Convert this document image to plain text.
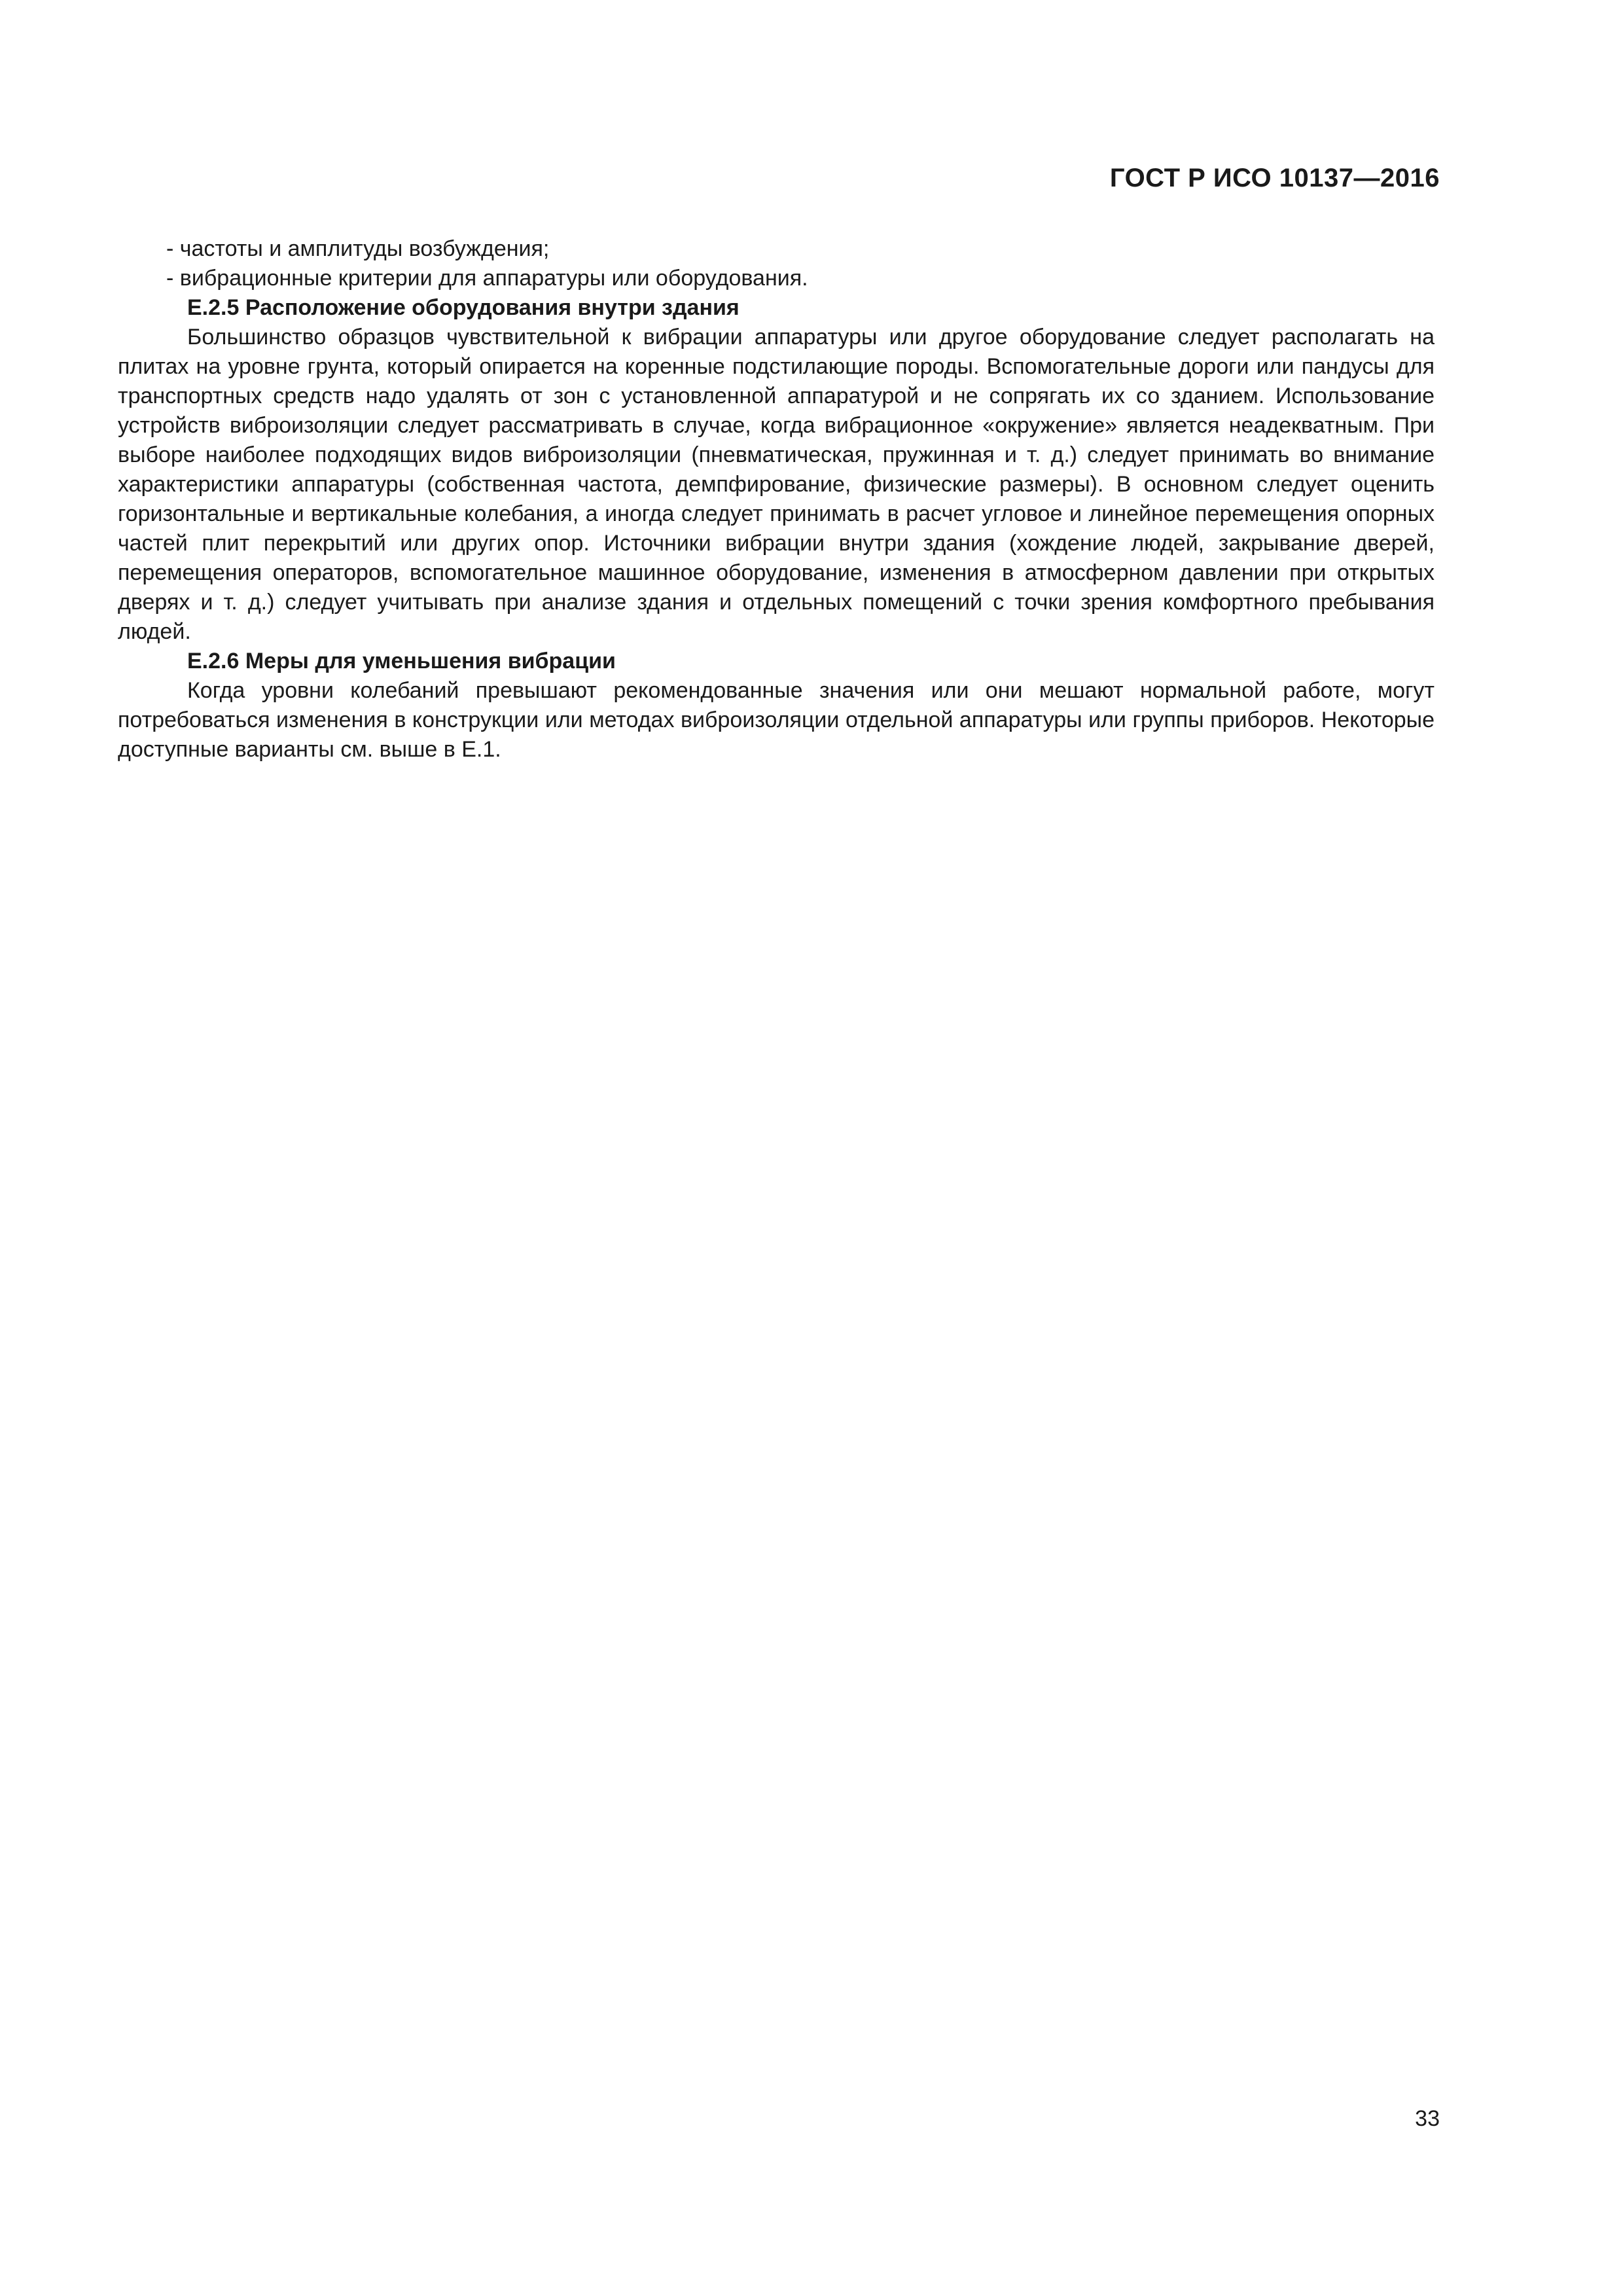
ГОСТ Р ИСО 10137—2016

- частоты и амплитуды возбуждения;

- вибрационные критерии для аппаратуры или оборудования.

Е.2.5 Расположение оборудования внутри здания

Большинство образцов чувствительной к вибрации аппаратуры или другое оборудование следует располагать на плитах на уровне грунта, который опирается на коренные подстилающие породы. Вспомогательные дороги или пандусы для транспортных средств надо удалять от зон с установленной аппаратурой и не сопрягать их со зданием. Использование устройств виброизоляции следует рассматривать в случае, когда вибрационное «окружение» является неадекватным. При выборе наиболее подходящих видов виброизоляции (пневматическая, пружинная и т. д.) следует принимать во внимание характеристики аппаратуры (собственная частота, демпфирование, физические размеры). В основном следует оценить горизонтальные и вертикальные колебания, а иногда следует принимать в расчет угловое и линейное перемещения опорных частей плит перекрытий или других опор. Источники вибрации внутри здания (хождение людей, закрывание дверей, перемещения операторов, вспомогательное машинное оборудование, изменения в атмосферном давлении при открытых дверях и т. д.) следует учитывать при анализе здания и отдельных помещений с точки зрения комфортного пребывания людей.

Е.2.6 Меры для уменьшения вибрации

Когда уровни колебаний превышают рекомендованные значения или они мешают нормальной работе, могут потребоваться изменения в конструкции или методах виброизоляции отдельной аппаратуры или группы приборов. Некоторые доступные варианты см. выше в Е.1.

33
